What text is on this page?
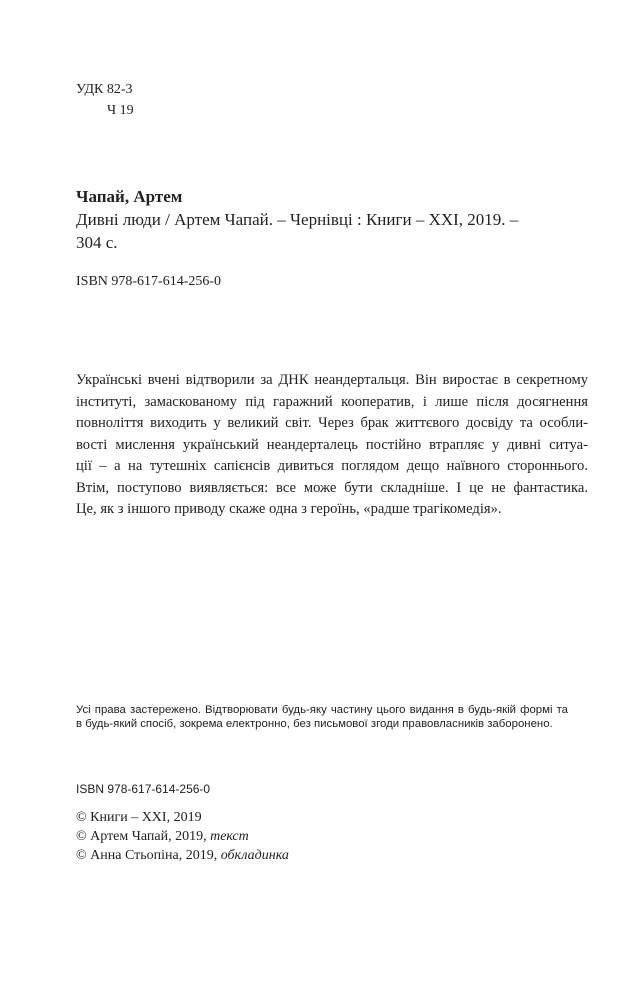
УДК 82-3
Ч 19
Чапай, Артем
Дивні люди / Артем Чапай. – Чернівці : Книги – XXI, 2019. –
304 с.
ISBN 978-617-614-256-0
Українські вчені відтворили за ДНК неандертальця. Він виростає в секретному
інституті, замаскованому під гаражний кооператив, і лише після досягнення
повноліття виходить у великий світ. Через брак життєвого досвіду та особли-
вості мислення український неандерталець постійно втрапляє у дивні ситуа-
ції – а на тутешніх сапієнсів дивиться поглядом дещо наївного стороннього.
Втім, поступово виявляється: все може бути складніше. І це не фантастика.
Це, як з іншого приводу скаже одна з героїнь, «радше трагікомедія».
Усі права застережено. Відтворювати будь-яку частину цього видання в будь-якій формі та
в будь-який спосіб, зокрема електронно, без письмової згоди правовласників заборонено.
ISBN 978-617-614-256-0
© Книги – XXI, 2019
© Артем Чапай, 2019, текст
© Анна Стьопіна, 2019, обкладинка
